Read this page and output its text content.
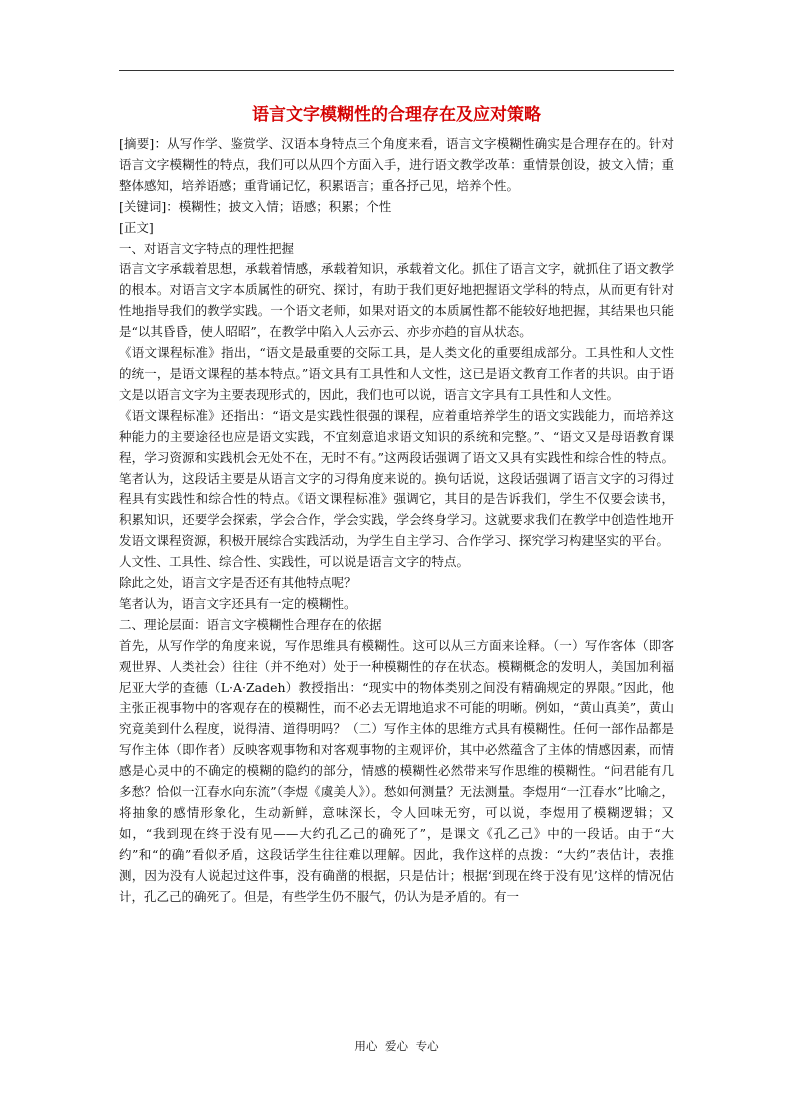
语言文字模糊性的合理存在及应对策略

[摘要]：从写作学、鉴赏学、汉语本身特点三个角度来看，语言文字模糊性确实是合理存在的。针对语言文字模糊性的特点，我们可以从四个方面入手，进行语文教学改革：重情景创设，披文入情；重整体感知，培养语感；重背诵记忆，积累语言；重各抒己见，培养个性。

[关键词]：模糊性；披文入情；语感；积累；个性

[正文]

一、对语言文字特点的理性把握

语言文字承载着思想，承载着情感，承载着知识，承载着文化。抓住了语言文字，就抓住了语文教学的根本。对语言文字本质属性的研究、探讨，有助于我们更好地把握语文学科的特点，从而更有针对性地指导我们的教学实践。一个语文老师，如果对语文的本质属性都不能较好地把握，其结果也只能是“以其昏昏，使人昭昭”，在教学中陷入人云亦云、亦步亦趋的盲从状态。

《语文课程标准》指出，“语文是最重要的交际工具，是人类文化的重要组成部分。工具性和人文性的统一，是语文课程的基本特点。”语文具有工具性和人文性，这已是语文教育工作者的共识。由于语文是以语言文字为主要表现形式的，因此，我们也可以说，语言文字具有工具性和人文性。

《语文课程标准》还指出：“语文是实践性很强的课程，应着重培养学生的语文实践能力，而培养这种能力的主要途径也应是语文实践，不宜刻意追求语文知识的系统和完整。”、“语文又是母语教育课程，学习资源和实践机会无处不在，无时不有。”这两段话强调了语文又具有实践性和综合性的特点。笔者认为，这段话主要是从语言文字的习得角度来说的。换句话说，这段话强调了语言文字的习得过程具有实践性和综合性的特点。《语文课程标准》强调它，其目的是告诉我们，学生不仅要会读书，积累知识，还要学会探索，学会合作，学会实践，学会终身学习。这就要求我们在教学中创造性地开发语文课程资源，积极开展综合实践活动，为学生自主学习、合作学习、探究学习构建坚实的平台。

人文性、工具性、综合性、实践性，可以说是语言文字的特点。

除此之处，语言文字是否还有其他特点呢？

笔者认为，语言文字还具有一定的模糊性。

二、理论层面：语言文字模糊性合理存在的依据

首先，从写作学的角度来说，写作思维具有模糊性。这可以从三方面来诠释。（一）写作客体（即客观世界、人类社会）往往（并不绝对）处于一种模糊性的存在状态。模糊概念的发明人，美国加利福尼亚大学的查德（L·A·Zadeh）教授指出：“现实中的物体类别之间没有精确规定的界限。”因此，他主张正视事物中的客观存在的模糊性，而不必去无谓地追求不可能的明晰。例如，“黄山真美”，黄山究竟美到什么程度，说得清、道得明吗？（二）写作主体的思维方式具有模糊性。任何一部作品都是写作主体（即作者）反映客观事物和对客观事物的主观评价，其中必然蕴含了主体的情感因素，而情感是心灵中的不确定的模糊的隐约的部分，情感的模糊性必然带来写作思维的模糊性。“问君能有几多愁？恰似一江春水向东流”（李煜《虞美人》）。愁如何测量？无法测量。李煜用“一江春水”比喻之，将抽象的感情形象化，生动新鲜，意味深长，令人回味无穷，可以说，李煜用了模糊逻辑；又如，“我到现在终于没有见——大约孔乙己的确死了”，是课文《孔乙己》中的一段话。由于“大约”和“的确”看似矛盾，这段话学生往往难以理解。因此，我作这样的点拨：“大约”表估计，表推测，因为没有人说起过这件事，没有确凿的根据，只是估计；根据‘到现在终于没有见’这样的情况估计，孔乙己的确死了。但是，有些学生仍不服气，仍认为是矛盾的。有一

用心 爱心 专心
